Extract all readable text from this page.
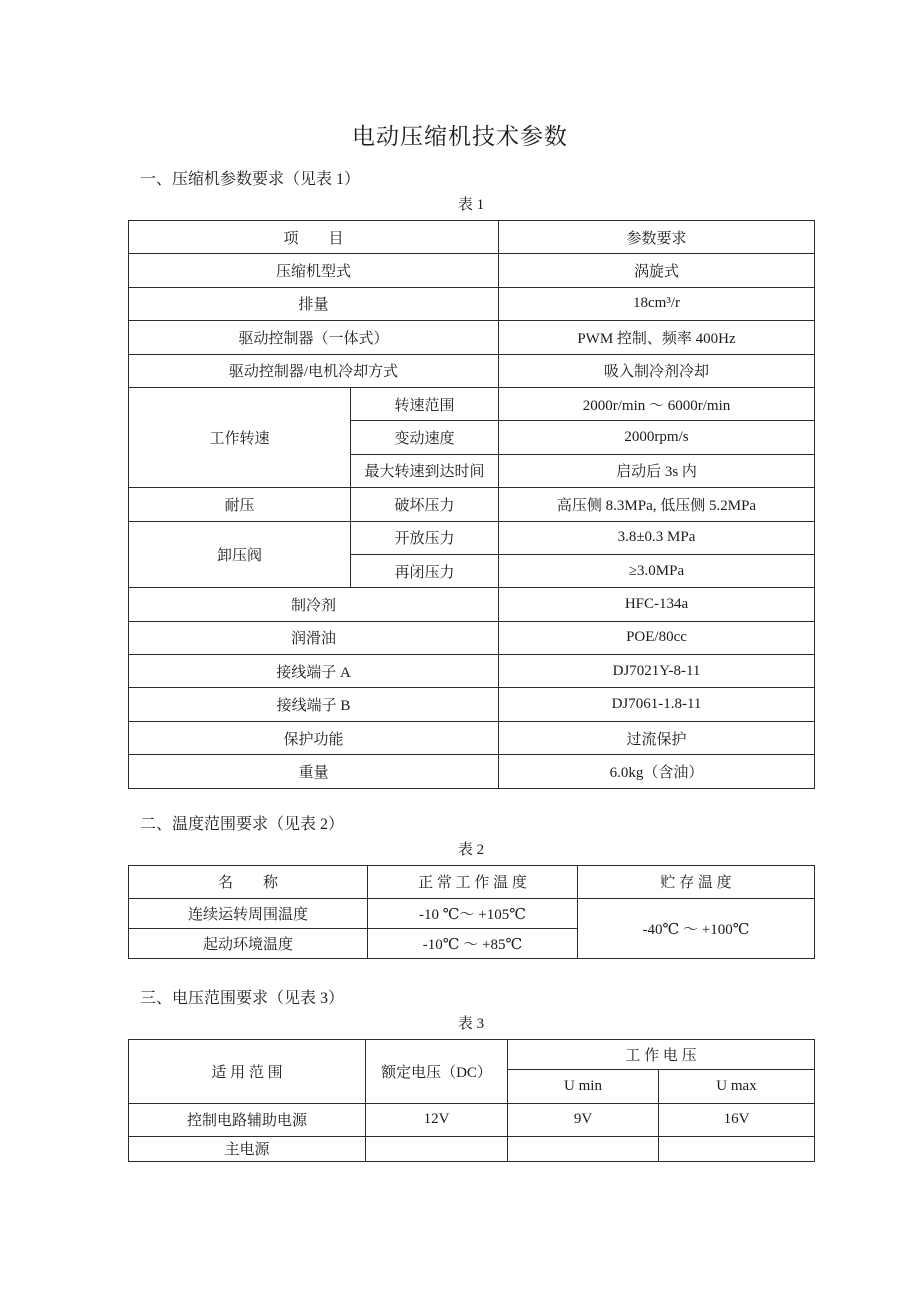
电动压缩机技术参数
一、压缩机参数要求（见表 1）
表 1
项　　目		参数要求
压缩机型式		涡旋式
排量		18cm³/r
驱动控制器（一体式）		PWM 控制、频率 400Hz
驱动控制器/电机冷却方式		吸入制冷剂冷却
工作转速	转速范围	2000r/min ～ 6000r/min
	变动速度	2000rpm/s
	最大转速到达时间	启动后 3s 内
耐压	破坏压力	高压侧 8.3MPa, 低压侧 5.2MPa
卸压阀	开放压力	3.8±0.3 MPa
	再闭压力	≥3.0MPa
制冷剂		HFC-134a
润滑油		POE/80cc
接线端子 A		DJ7021Y-8-11
接线端子 B		DJ7061-1.8-11
保护功能		过流保护
重量		6.0kg（含油）
二、温度范围要求（见表 2）
表 2
名　　称	正 常 工 作 温 度	贮 存 温 度
连续运转周围温度	-10 ℃～ +105℃	-40℃ ～ +100℃
起动环境温度	-10℃ ～ +85℃	
三、电压范围要求（见表 3）
表 3
适 用 范 围	额定电压（DC）	工 作 电 压	
		U min	U max
控制电路辅助电源	12V	9V	16V
主电源			
